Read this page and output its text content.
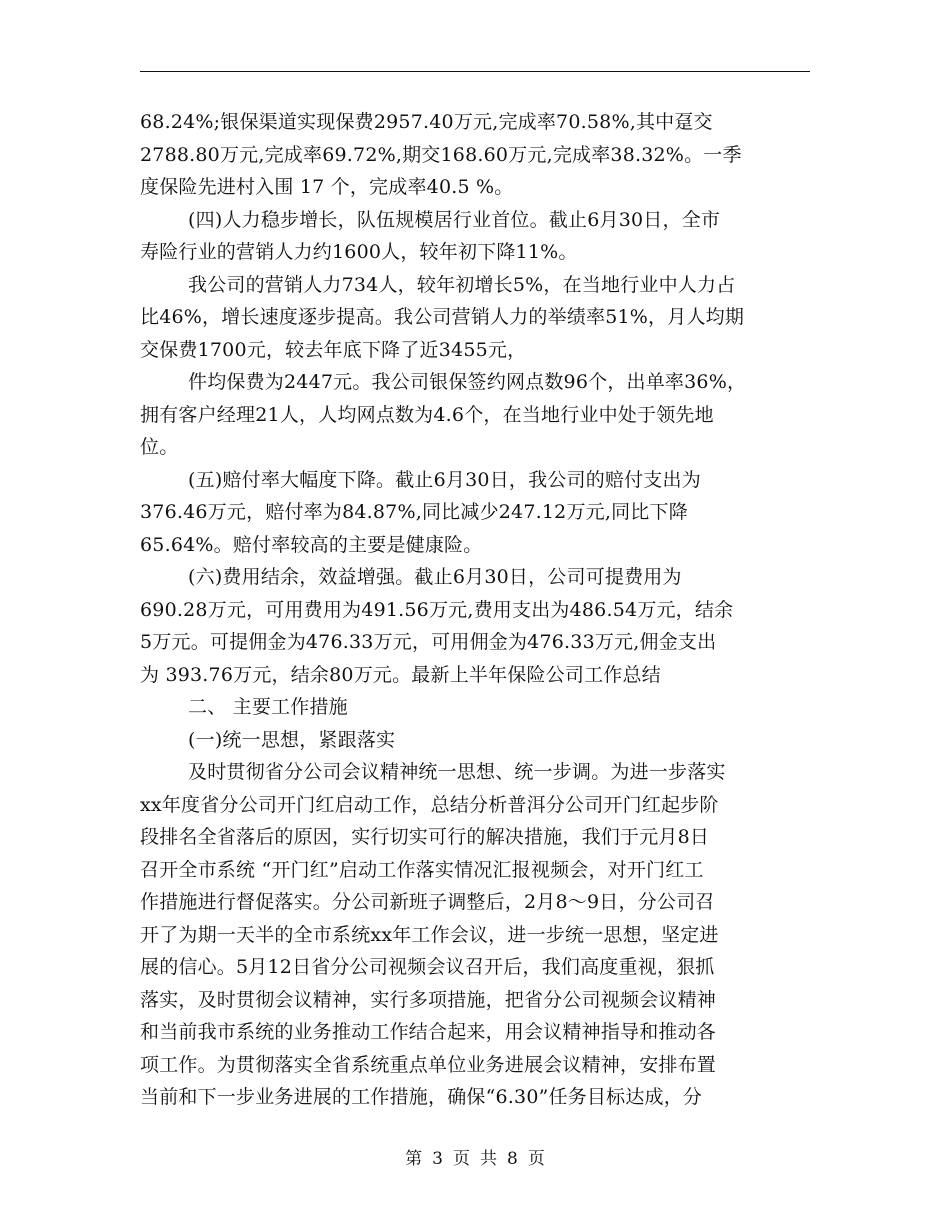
68.24%;银保渠道实现保费2957.40万元,完成率70.58%,其中趸交
2788.80万元,完成率69.72%,期交168.60万元,完成率38.32%。一季
度保险先进村入围 17 个，完成率40.5 %。
(四)人力稳步增长，队伍规模居行业首位。截止6月30日，全市
寿险行业的营销人力约1600人，较年初下降11%。
我公司的营销人力734人，较年初增长5%，在当地行业中人力占
比46%，增长速度逐步提高。我公司营销人力的举绩率51%，月人均期
交保费1700元，较去年底下降了近3455元，
件均保费为2447元。我公司银保签约网点数96个，出单率36%，
拥有客户经理21人，人均网点数为4.6个，在当地行业中处于领先地
位。
(五)赔付率大幅度下降。截止6月30日，我公司的赔付支出为
376.46万元，赔付率为84.87%,同比减少247.12万元,同比下降
65.64%。赔付率较高的主要是健康险。
(六)费用结余，效益增强。截止6月30日，公司可提费用为
690.28万元，可用费用为491.56万元,费用支出为486.54万元，结余
5万元。可提佣金为476.33万元，可用佣金为476.33万元,佣金支出
为 393.76万元，结余80万元。最新上半年保险公司工作总结
二、 主要工作措施
(一)统一思想，紧跟落实
及时贯彻省分公司会议精神统一思想、统一步调。为进一步落实
xx年度省分公司开门红启动工作，总结分析普洱分公司开门红起步阶
段排名全省落后的原因，实行切实可行的解决措施，我们于元月8日
召开全市系统 “开门红”启动工作落实情况汇报视频会，对开门红工
作措施进行督促落实。分公司新班子调整后，2月8～9日，分公司召
开了为期一天半的全市系统xx年工作会议，进一步统一思想，坚定进
展的信心。5月12日省分公司视频会议召开后，我们高度重视，狠抓
落实，及时贯彻会议精神，实行多项措施，把省分公司视频会议精神
和当前我市系统的业务推动工作结合起来，用会议精神指导和推动各
项工作。为贯彻落实全省系统重点单位业务进展会议精神，安排布置
当前和下一步业务进展的工作措施，确保“6.30”任务目标达成，分
第 3 页 共 8 页
